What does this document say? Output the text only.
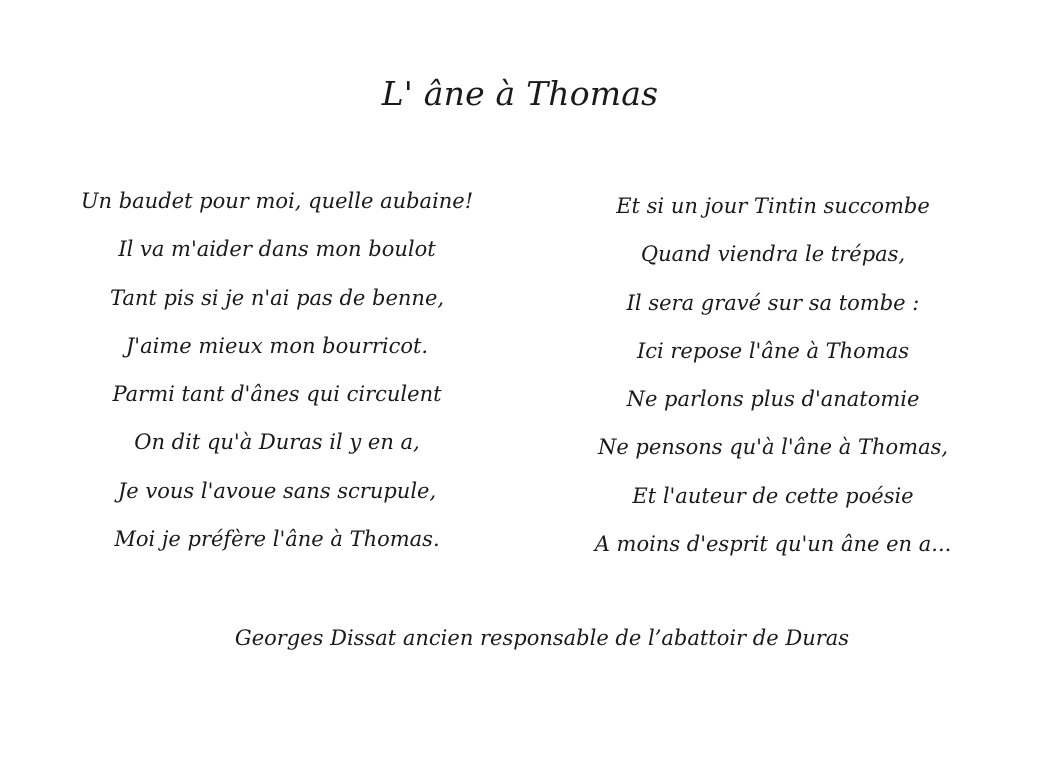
L' âne à Thomas
Un baudet pour moi, quelle aubaine!
Il va m'aider dans mon boulot
Tant pis si je n'ai pas de benne,
J'aime mieux mon bourricot.
Parmi tant d'ânes qui circulent
On dit qu'à Duras il y en a,
Je vous l'avoue sans scrupule,
Moi je préfère l'âne à Thomas.
Et si un jour Tintin succombe
Quand viendra le trépas,
Il sera gravé sur sa tombe :
Ici repose l'âne à Thomas
Ne parlons plus d'anatomie
Ne pensons qu'à l'âne à Thomas,
Et l'auteur de cette poésie
A moins d'esprit qu'un âne en a...
Georges Dissat ancien responsable de l’abattoir de Duras
